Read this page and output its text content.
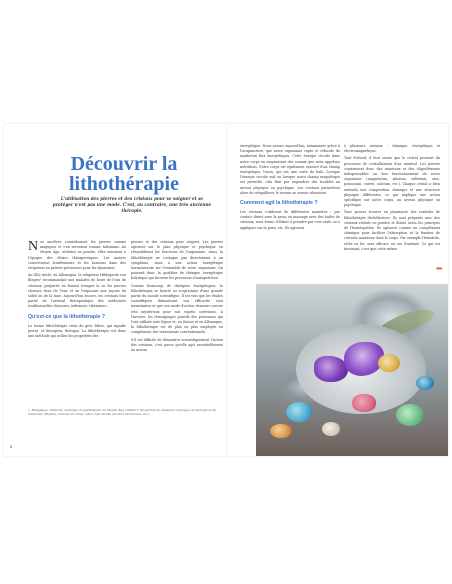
Découvrir la lithothérapie
L'utilisation des pierres et des cristaux pour se soigner et se protéger n'est pas une mode. C'est, au contraire, une très ancienne thérapie.

Nos ancêtres considéraient les pierres comme magiques et s'en servaient comme talismans. Au Moyen Âge, utilisées en poudre, elles entraient à l'époque des élixirs thérapeutiques. Les moines conservaient leurélements et les boissons dans des récipients en pierres précieuses pour les dynamiser.

Au XIIe siècle, en Allemagne, la religieuse Hildegarde von Bingen¹ recommandait aux malades de boire de l'eau de cristaux, préparée en faisant tremper la ou les pierres choisies dans de l'eau et en l'exposant aux rayons du soleil ou de la lune. Aujourd'hui encore, les cristaux font partie de l'arsenal thérapeutique des médecines traditionnelles chinoises, indiennes, tibétaines…

Qu'est-ce que la lithothérapie ?

Le terme lithothérapie vient du grec lithos, qui signifie pierre, et therapeia, thérapie. La lithothérapie est donc une méthode qui utilise les propriétés des

pierres et des cristaux pour soigner. Les pierres agissent sur le plan physique et psychique en rééquilibrant les fonctions de l'organisme. Ainsi, la lithothérapie ne s'attaque pas directement à un symptôme, mais a une action énergétique harmonisante sur l'ensemble de votre organisme. On pourrait donc la qualifier de thérapie énergétique holistique qui favorise les processus d'autoguérison.

Comme beaucoup de thérapies énergétiques, la lithothérapie se heurte au scepticisme d'une grande partie du monde scientifique. Il est vrai que les études scientifiques démontrant son efficacité sont inexistantes et que son mode d'action demeure encore très mystérieux pour nos esprits cartésiens. À l'inverse, les témoignages positifs des personnes qui l'ont utilisée sont légion et, en Suisse et en Allemagne, la lithothérapie est de plus en plus employée en complément des traitements conventionnels.

S'il est difficile de démontrer scientifiquement l'action des cristaux, c'est parce qu'elle agit essentiellement au niveau

énergétique. Nous savons aujourd'hui, notamment grâce à l'acupuncture, que notre organisme capte et véhicule de nombreux flux énergétiques. Cette énergie circule dans notre corps en empruntant des canaux que nous appelons méridiens. Notre corps est également entouré d'un champ énergétique, l'aura, qui est une sorte de halo. Lorsque l'énergie circule mal ou lorsque notre champ magnétique est perturbé, cela finit par engendrer des troubles au niveau physique ou psychique. Les cristaux permettent alors de rééquilibrer le terrain au niveau vibratoire.

Comment agit la lithothérapie ?

Les cristaux s'utilisent de différentes manières : par contact direct avec la peau, en massage avec des huiles de cristaux, sous forme d'élixirs à prendre par voie orale ou à appliquer sur la peau, etc. Ils agissent

à plusieurs niveaux : chimique, énergétique et électromagnétique.

Tout d'abord, il faut savoir que le cristal provient du processus de cristallisation d'un minéral. Les pierres contiennent donc des minéraux et des oligoéléments indispensables au bon fonctionnement de notre organisme (magnésium, silicium, sélénium, zinc, potassium, cuivre, calcium, etc.). Chaque cristal a bien entendu une composition chimique et une structure physique différentes, ce qui implique une action spécifique sur notre corps, au niveau physique ou psychique.

Vous pouvez trouver en pharmacie des remèdes de lithothérapie déchélatrices. Ils sont préparés avec des cristaux réduits en poudre et dilués selon les principes de l'homéopathie. Ils agissent comme un complément chimique pour faciliter l'absorption et la fixation de certains minéraux dans le corps. Par exemple l'hématite, riche en fer, sera efficace en cas d'anémie. Ce qui est fascinant, c'est que cette même

•••
1. Religieuse, médecin, mystique et guérisseuse du Moyen Âge (1098-1179) autrice de plusieurs ouvrages de biologie et de médecine (Physica, Causae et Curae, Liber Ipsi divinis vel liber divinorum, etc.).
6
